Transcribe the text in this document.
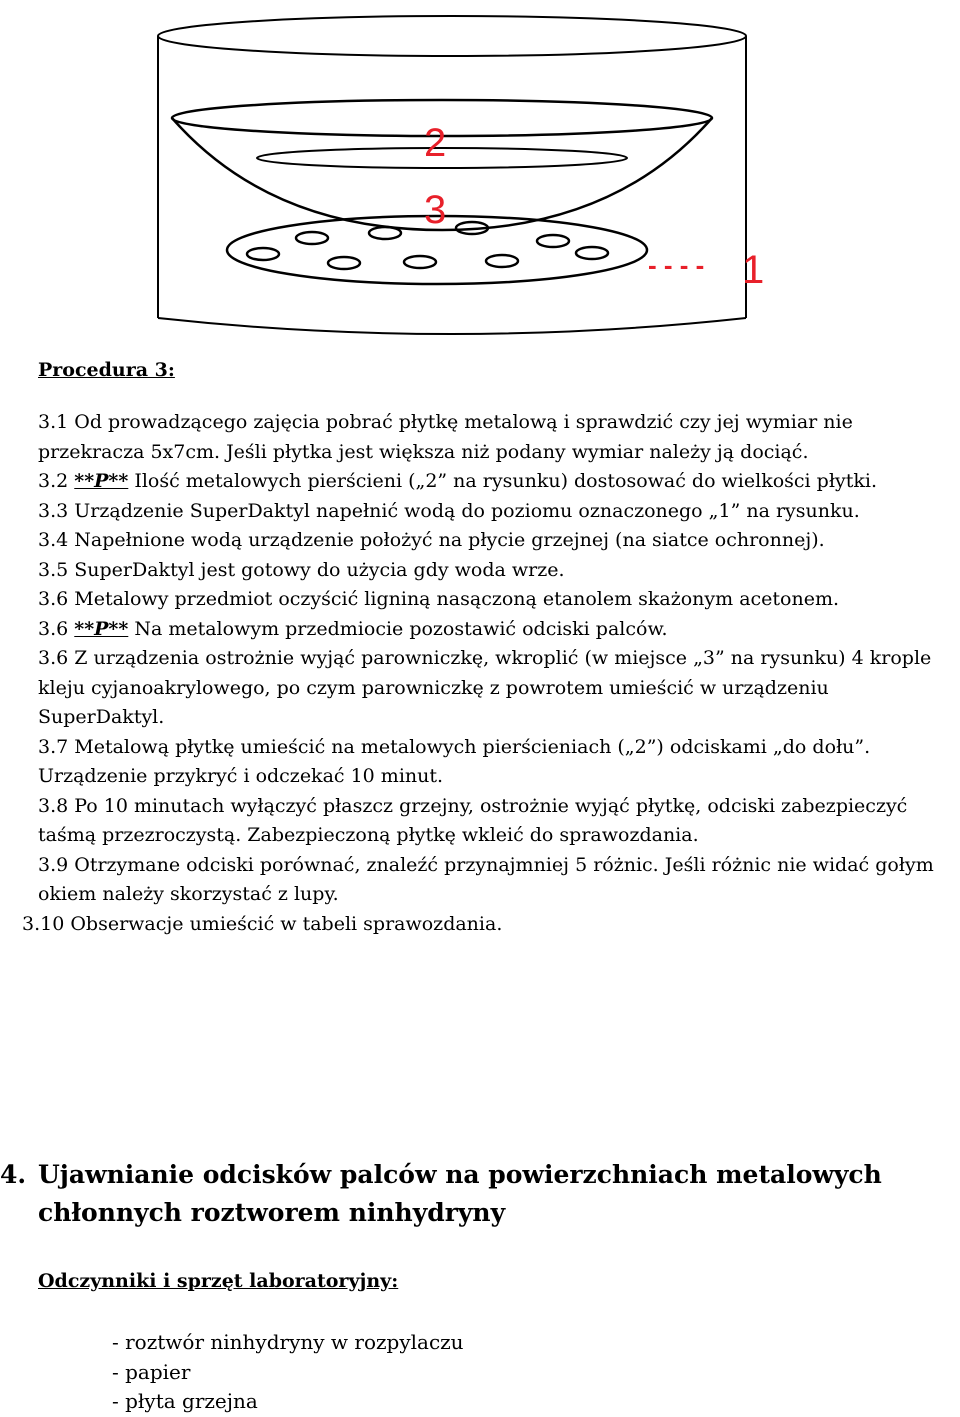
2
3
1
- - - -

Procedura 3:

3.1 Od prowadzącego zajęcia pobrać płytkę metalową i sprawdzić czy jej wymiar nie przekracza 5x7cm. Jeśli płytka jest większa niż podany wymiar należy ją dociąć.
3.2 **P** Ilość metalowych pierścieni („2” na rysunku) dostosować do wielkości płytki.
3.3 Urządzenie SuperDaktyl napełnić wodą do poziomu oznaczonego „1” na rysunku.
3.4 Napełnione wodą urządzenie położyć na płycie grzejnej (na siatce ochronnej).
3.5 SuperDaktyl jest gotowy do użycia gdy woda wrze.
3.6 Metalowy przedmiot oczyścić ligniną nasączoną etanolem skażonym acetonem.
3.6 **P** Na metalowym przedmiocie pozostawić odciski palców.
3.6 Z urządzenia ostrożnie wyjąć parowniczkę, wkroplić (w miejsce „3” na rysunku) 4 krople kleju cyjanoakrylowego, po czym parowniczkę z powrotem umieścić w urządzeniu SuperDaktyl.
3.7 Metalową płytkę umieścić na metalowych pierścieniach („2”) odciskami „do dołu”. Urządzenie przykryć i odczekać 10 minut.
3.8 Po 10 minutach wyłączyć płaszcz grzejny, ostrożnie wyjąć płytkę, odciski zabezpieczyć taśmą przezroczystą. Zabezpieczoną płytkę wkleić do sprawozdania.
3.9 Otrzymane odciski porównać, znaleźć przynajmniej 5 różnic. Jeśli różnic nie widać gołym okiem należy skorzystać z lupy.
3.10 Obserwacje umieścić w tabeli sprawozdania.
4. Ujawnianie odcisków palców na powierzchniach metalowych
chłonnych roztworem ninhydryny

Odczynniki i sprzęt laboratoryjny:

- roztwór ninhydryny w rozpylaczu
- papier
- płyta grzejna
